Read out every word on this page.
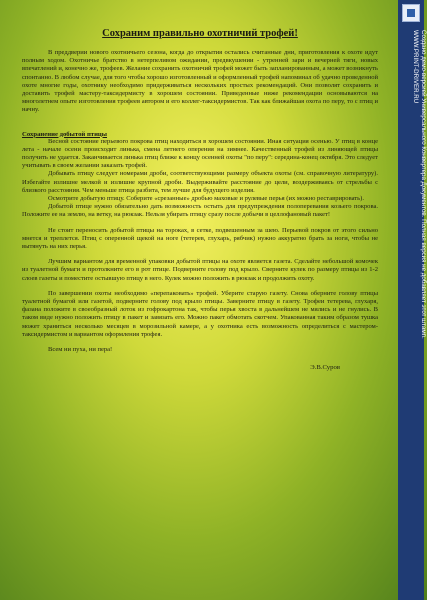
Сохраним правильно охотничий трофей!

В преддверии нового охотничьего сезона, когда до открытия остались считанные дни, приготовления к охоте идут полным ходом. Охотничье братство в нетерпеливом ожидании, предвкушении - утренней зари и вечерней тяги, новых впечатлений и, конечно же, трофеев. Желание сохранить охотничий трофей может быть запланированным, а может возникнуть спонтанно. В любом случае, для того чтобы хорошо изготовленный и оформленный трофей напоминал об удачно проведенной охоте многие годы, охотнику необходимо придерживаться нескольких простых рекомендаций. Они позволят сохранить и доставить трофей мастеру-таксидермисту в хорошем состоянии. Приведенные ниже рекомендации основываются на многолетнем опыте изготовления трофеев автором и его коллег-таксидермистов. Так как ближайшая охота по перу, то с птиц и начну.

Сохранение добытой птицы

Весной состояние перьевого покрова птиц находиться в хорошем состоянии. Иная ситуация осенью. У птиц в конце лета - начале осени происходит линька, смена летнего оперения на зимнее. Качественный трофей из линяющей птицы получить не удается. Заканчивается линька птиц ближе к концу осенней охоты "по перу": середина-конец октября. Это следует учитывать в своем желании заказать трофей.

Добывать птицу следует номерами дроби, соответствующими размеру объекта охоты (см. справочную литературу). Избегайте излишне мелкой и излишне крупной дроби. Выдерживайте расстояние до цели, воздерживаясь от стрельбы с близкого расстояния. Чем меньше птица разбита, тем лучше для будущего изделия.

Осмотрите добытую птицу. Соберите «срезанные» дробью маховые и рулевые перья (их можно реставрировать).

Добытой птице нужно обязательно дать возможность остыть для предупреждения полоперевания козьего покрова. Положите ее на землю, на ветку, на рюкзак. Нельзя убирать птицу сразу после добычи в целлофановый пакет!

Не стоит переносить добытой птицы на тороках, в сетке, подвешенным за шею. Перьевой покров от этого сильно мнется и треплется. Птиц с оперенной щекой на ноге (тетерев, глухарь, рябчик) нужно аккуратно брать за ноги, чтобы не вытянуть на них перья.

Лучшим вариантом для временной упаковки добытой птицы на охоте является газета. Сделайте небольшой комочек из туалетной бумаги и протолкните его в рот птице. Подверните голову под крыло. Сверните кулек по размеру птицы из 1-2 слоев газеты и поместите остывшую птицу в него. Кулек можно положить в рюкзак и продолжить охоту.

По завершении охоты необходимо «перепаковать» трофей. Уберите старую газету. Снова оберните голову птицы туалетной бумагой или газетой, подверните голову под крыло птицы. Заверните птицу в газету. Трофеи тетерева, глухаря, фазана положите в своеобразный лоток из гофрокартона так, чтобы перья хвоста в дальнейшем не мялись и не гнулись. В таком виде нужно положить птицу в пакет и завязать его. Можно пакет обмотать скотчем. Упакованная таким образом тушка может храниться несколько месяцев в морозильной камере, а у охотника есть возможность определиться с мастером-таксидермистом и вариантом оформления трофея.

Всем ни пуха, ни пера!

Э.В.Суров
Создано демо-версией Универсального Конвертера Документов. Полная версия не добавляет этот штамп.
WWW.PRINT-DRIVER.RU
